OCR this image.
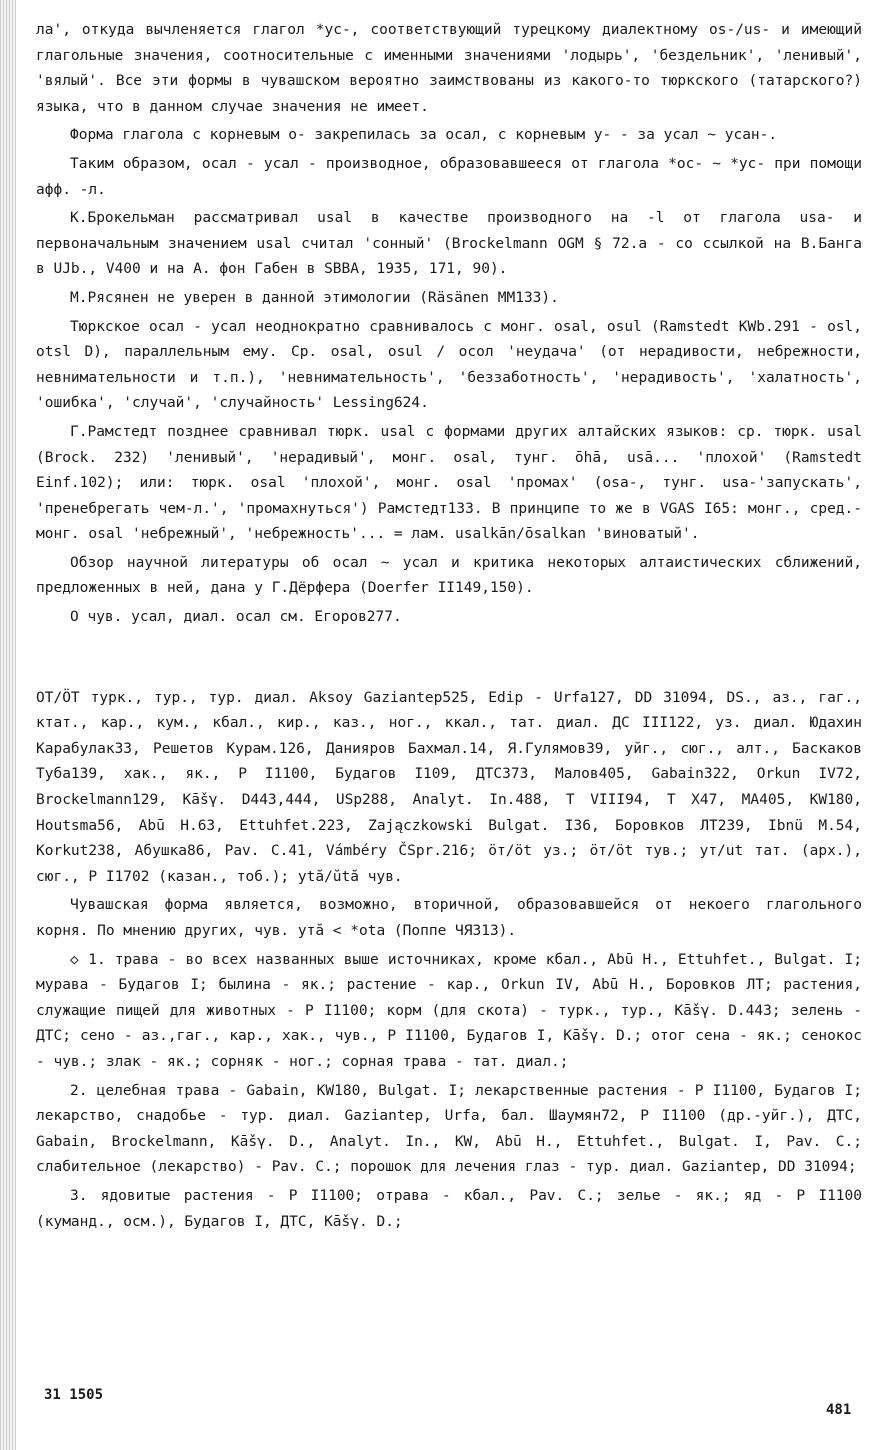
ла', откуда вычленяется глагол *ус-, соответствующий турецкому диалектному os-/us- и имеющий глагольные значения, соотносительные с именными значениями 'лодырь', 'бездельник', 'ленивый', 'вялый'. Все эти формы в чувашском вероятно заимствованы из какого-то тюркского (татарского?) языка, что в данном случае значения не имеет.

Форма глагола с корневым о- закрепилась за осал, с корневым у- - за усал ~ усан-.

Таким образом, осал - усал - производное, образовавшееся от глагола *ос- ~ *ус- при помощи афф. -л.

К.Брокельман рассматривал usal в качестве производного на -l от глагола usa- и первоначальным значением usal считал 'сонный' (Brockelmann OGM § 72.a - со ссылкой на В.Банга в UJb., V400 и на А. фон Габен в SBBA, 1935, 171, 90).

М.Рясянен не уверен в данной этимологии (Räsänen MM133).

Тюркское осал - усал неоднократно сравнивалось с монг. osal, osul (Ramstedt KWb.291 - osl, otsl D), параллельным ему. Ср. osal, osul / осол 'неудача' (от нерадивости, небрежности, невнимательности и т.п.), 'невнимательность', 'беззаботность', 'нерадивость', 'халатность', 'ошибка', 'случай', 'случайность' Lessing624.

Г.Рамстедт позднее сравнивал тюрк. usal с формами других алтайских языков: ср. тюрк. usal (Brock. 232) 'ленивый', 'нерадивый', монг. osal, тунг. ōhā, usā... 'плохой' (Ramstedt Einf.102); или: тюрк. osal 'плохой', монг. osal 'промах' (osa-, тунг. usa-'запускать', 'пренебрегать чем-л.', 'промахнуться') Рамстедт133. В принципе то же в VGAS I65: монг., сред.-монг. osal 'небрежный', 'небрежность'... = лам. usalkān/ōsalkan 'виноватый'.

Обзор научной литературы об осал ~ усал и критика некоторых алтаистических сближений, предложенных в ней, дана у Г.Дёрфера (Doerfer II149,150).

О чув. усал, диал. осал см. Егоров277.

ОТ/ӦТ турк., тур., тур. диал. Aksoy Gaziantep525, Edip - Urfa127, DD 31094, DS., аз., гаг., ктат., кар., кум., кбал., кир., каз., ног., ккал., тат. диал. ДС III122, уз. диал. Юдахин Карабулак33, Решетов Курам.126, Данияров Бахмал.14, Я.Гулямов39, уйг., сюг., алт., Баскаков Туба139, хак., як., Р I1100, Будагов I109, ДТС373, Малов405, Gabain322, Orkun IV72, Brockelmann129, Kāšγ. D443,444, USp288, Analyt. In.488, T VIII94, T X47, MA405, KW180, Houtsma56, Abū H.63, Ettuhfet.223, Zajączkowski Bulgat. I36, Боровков ЛТ239, Ibnü M.54, Korkut238, Абушка86, Pav. C.41, Vámbéry ČSpr.216; ӧт/ӧt уз.; ӧт/ӧt тув.; ут/ut тат. (арх.), сюг., Р I1702 (казан., тоб.); уtă/ŭtă чув.

Чувашская форма является, возможно, вторичной, образовавшейся от некоего глагольного корня. По мнению других, чув. утă < *ota (Поппе ЧЯ313).

◇ 1. трава - во всех названных выше источниках, кроме кбал., Abū H., Ettuhfet., Bulgat. I; мурава - Будагов I; былина - як.; растение - кар., Orkun IV, Abū H., Боровков ЛТ; растения, служащие пищей для животных - Р I1100; корм (для скота) - турк., тур., Kāšγ. D.443; зелень - ДТС; сено - аз.,гаг., кар., хак., чув., Р I1100, Будагов I, Kāšγ. D.; отог сена - як.; сенокос - чув.; злак - як.; сорняк - ног.; сорная трава - тат. диал.;

2. целебная трава - Gabain, KW180, Bulgat. I; лекарственные растения - Р I1100, Будагов I; лекарство, снадобье - тур. диал. Gaziantep, Urfa, бал. Шаумян72, Р I1100 (др.-уйг.), ДТС, Gabain, Brockelmann, Kāšγ. D., Analyt. In., KW, Abū H., Ettuhfet., Bulgat. I, Pav. C.; слабительное (лекарство) - Pav. C.; порошок для лечения глаз - тур. диал. Gaziantep, DD 31094;

3. ядовитые растения - Р I1100; отрава - кбал., Pav. C.; зелье - як.; яд - Р I1100 (куманд., осм.), Будагов I, ДТС, Kāšγ. D.;

31 1505
481
